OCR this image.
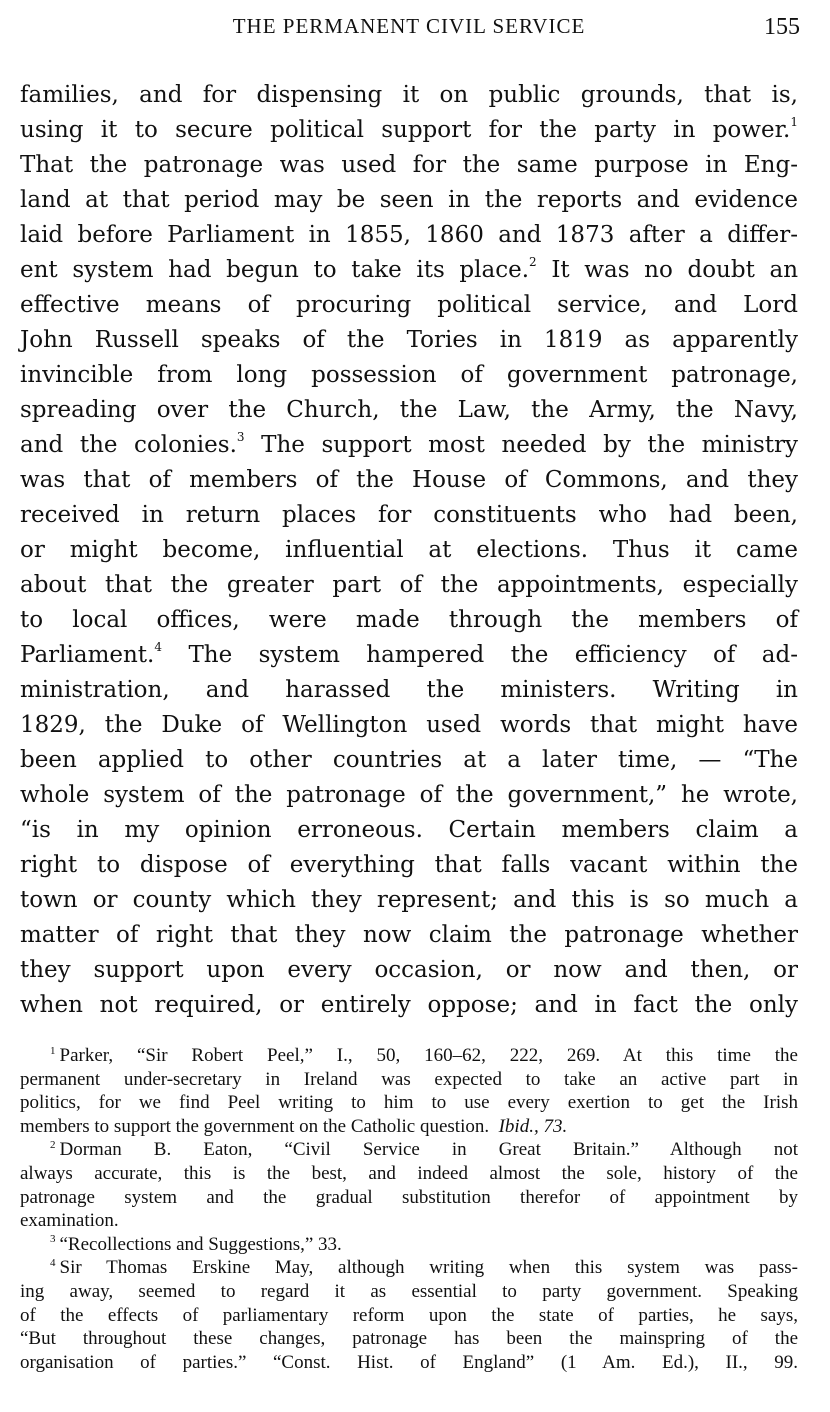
THE PERMANENT CIVIL SERVICE	155
families, and for dispensing it on public grounds, that is,
using it to secure political support for the party in power.$^1$
That the patronage was used for the same purpose in Eng-
land at that period may be seen in the reports and evidence
laid before Parliament in 1855, 1860 and 1873 after a differ-
ent system had begun to take its place.$^2$ It was no doubt an
effective means of procuring political service, and Lord
John Russell speaks of the Tories in 1819 as apparently
invincible from long possession of government patronage,
spreading over the Church, the Law, the Army, the Navy,
and the colonies.$^3$ The support most needed by the ministry
was that of members of the House of Commons, and they
received in return places for constituents who had been,
or might become, influential at elections. Thus it came
about that the greater part of the appointments, especially
to local offices, were made through the members of
Parliament.$^4$ The system hampered the efficiency of ad-
ministration, and harassed the ministers. Writing in
1829, the Duke of Wellington used words that might have
been applied to other countries at a later time, — “The
whole system of the patronage of the government,” he wrote,
“is in my opinion erroneous. Certain members claim a
right to dispose of everything that falls vacant within the
town or county which they represent; and this is so much a
matter of right that they now claim the patronage whether
they support upon every occasion, or now and then, or
when not required, or entirely oppose; and in fact the only
$^1$ Parker, “Sir Robert Peel,” I., 50, 160–62, 222, 269. At this time the
permanent under-secretary in Ireland was expected to take an active part in
politics, for we find Peel writing to him to use every exertion to get the Irish
members to support the government on the Catholic question. Ibid., 73.
$^2$ Dorman B. Eaton, “Civil Service in Great Britain.” Although not
always accurate, this is the best, and indeed almost the sole, history of the
patronage system and the gradual substitution therefor of appointment by
examination.
$^3$ “Recollections and Suggestions,” 33.
$^4$ Sir Thomas Erskine May, although writing when this system was pass-
ing away, seemed to regard it as essential to party government. Speaking
of the effects of parliamentary reform upon the state of parties, he says,
“But throughout these changes, patronage has been the mainspring of the
organisation of parties.” “Const. Hist. of England” (1 Am. Ed.), II., 99.
